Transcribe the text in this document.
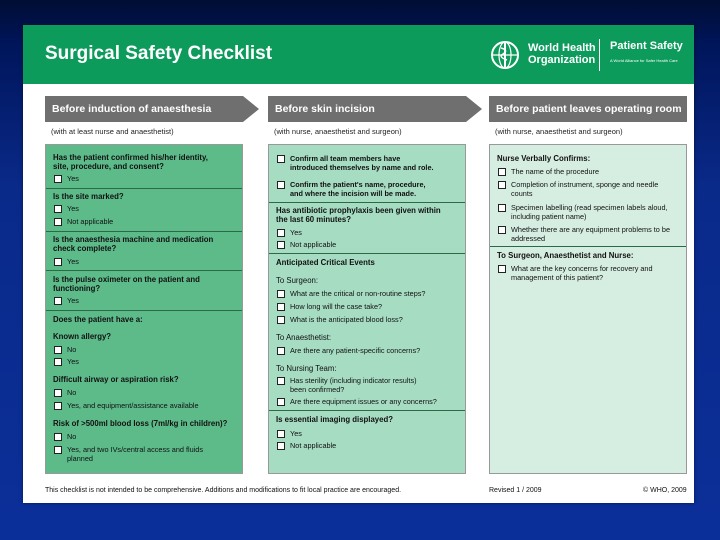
Surgical Safety Checklist	World Health
Organization
Patient Safety
A World Alliance for Safer Health Care
Before induction of anaesthesia	Before skin incision	Before patient leaves operating room
(with at least nurse and anaesthetist)	(with nurse, anaesthetist and surgeon)	(with nurse, anaesthetist and surgeon)
Has the patient confirmed his/her identity,
site, procedure, and consent?
Yes
Is the site marked?
Yes
Not applicable
Is the anaesthesia machine and medication
check complete?
Yes
Is the pulse oximeter on the patient and
functioning?
Yes
Does the patient have a:
Known allergy?
No
Yes
Difficult airway or aspiration risk?
No
Yes, and equipment/assistance available
Risk of >500ml blood loss (7ml/kg in children)?
No
Yes, and two IVs/central access and fluids
planned
Confirm all team members have
introduced themselves by name and role.
Confirm the patient's name, procedure,
and where the incision will be made.
Has antibiotic prophylaxis been given within
the last 60 minutes?
Yes
Not applicable
Anticipated Critical Events
To Surgeon:
What are the critical or non-routine steps?
How long will the case take?
What is the anticipated blood loss?
To Anaesthetist:
Are there any patient-specific concerns?
To Nursing Team:
Has sterility (including indicator results)
been confirmed?
Are there equipment issues or any concerns?
Is essential imaging displayed?
Yes
Not applicable
Nurse Verbally Confirms:
The name of the procedure
Completion of instrument, sponge and needle
counts
Specimen labelling (read specimen labels aloud,
including patient name)
Whether there are any equipment problems to be
addressed
To Surgeon, Anaesthetist and Nurse:
What are the key concerns for recovery and
management of this patient?
This checklist is not intended to be comprehensive. Additions and modifications to fit local practice are encouraged.	Revised 1 / 2009	© WHO, 2009
